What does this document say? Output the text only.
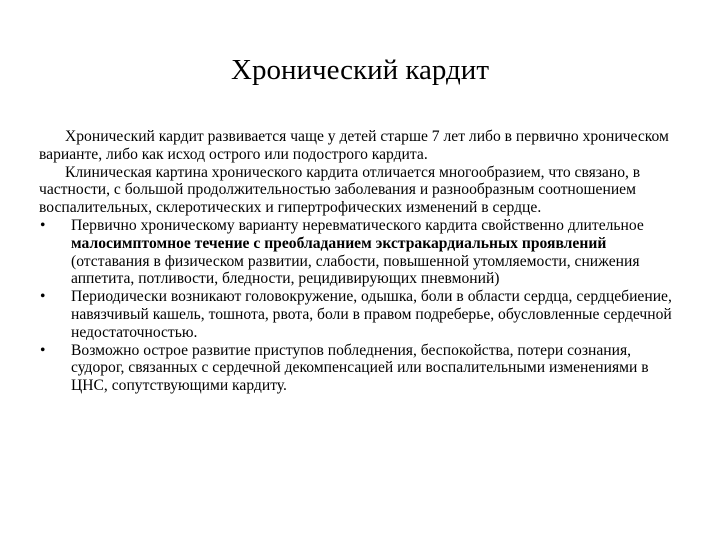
Хронический кардит

Хронический кардит развивается чаще у детей старше 7 лет либо в первично хроническом варианте, либо как исход острого или подострого кардита.

Клиническая картина хронического кардита отличается многообразием, что связано, в частности, с большой продолжительностью заболевания и разнообразным соотношением воспалительных, склеротических и гипертрофических изменений в сердце.

•	Первично хроническому варианту неревматического кардита свойственно длительное малосимптомное течение с преобладанием экстракардиальных проявлений (отставания в физическом развитии, слабости, повышенной утомляемости, снижения аппетита, потливости, бледности, рецидивирующих пневмоний)
•	Периодически возникают головокружение, одышка, боли в области сердца, сердцебиение, навязчивый кашель, тошнота, рвота, боли в правом подреберье, обусловленные сердечной недостаточностью.
•	Возможно острое развитие приступов побледнения, беспокойства, потери сознания, судорог, связанных с сердечной декомпенсацией или воспалительными изменениями в ЦНС, сопутствующими кардиту.
